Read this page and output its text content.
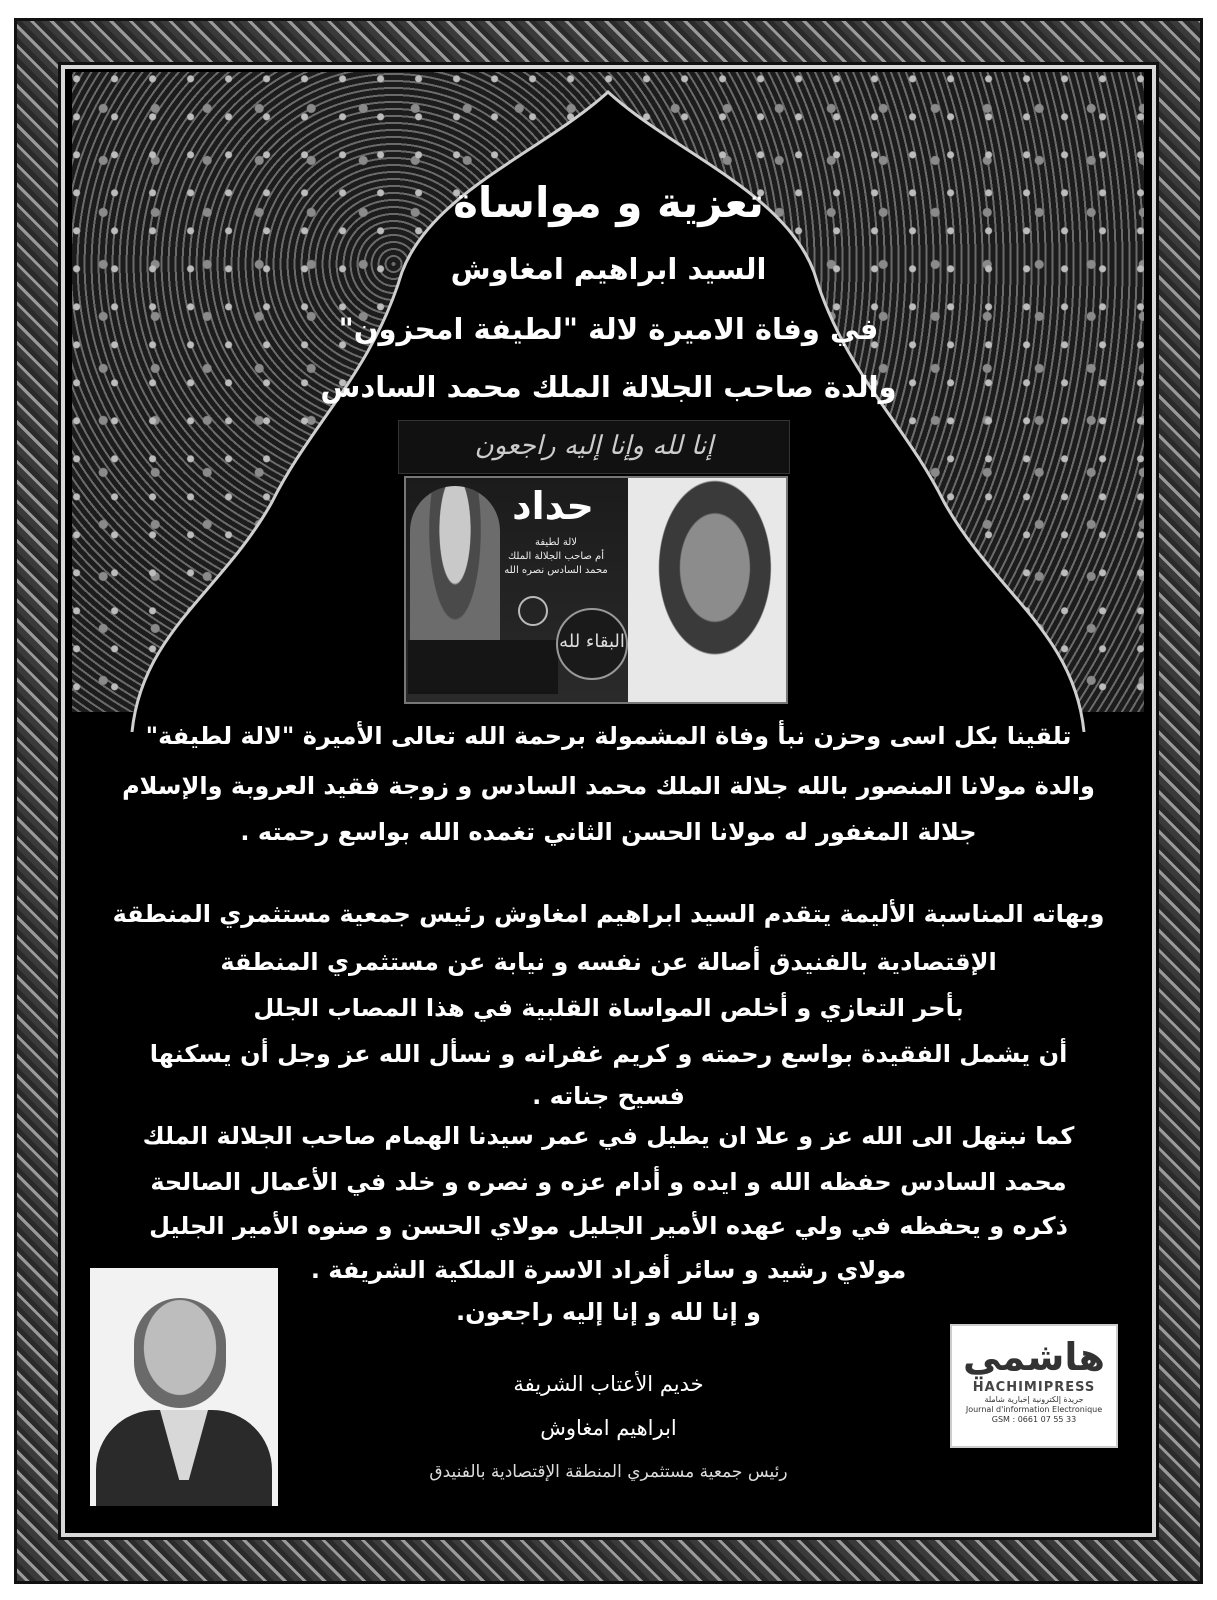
تعزية و مواساة

السيد ابراهيم امغاوش

في وفاة الاميرة لالة "لطيفة امحزون"

والدة صاحب الجلالة الملك محمد السادس

إنا لله وإنا إليه راجعون
حداد
لالة لطيفة
أم صاحب الجلالة الملك
محمد السادس نصره الله
البقاء لله

تلقينا بكل اسى وحزن نبأ وفاة المشمولة برحمة الله تعالى الأميرة "لالة لطيفة"

والدة مولانا المنصور بالله جلالة الملك محمد السادس و زوجة فقيد العروبة والإسلام

جلالة المغفور له مولانا الحسن الثاني تغمده الله بواسع رحمته .

وبهاته المناسبة الأليمة يتقدم السيد ابراهيم امغاوش رئيس جمعية مستثمري المنطقة

الإقتصادية بالفنيدق أصالة عن نفسه و نيابة عن مستثمري المنطقة

بأحر التعازي و أخلص المواساة القلبية في هذا المصاب الجلل

أن يشمل الفقيدة بواسع رحمته و كريم غفرانه و نسأل الله عز وجل أن يسكنها

فسيح جناته .

كما نبتهل الى الله عز و علا ان يطيل في عمر سيدنا الهمام صاحب الجلالة الملك

محمد السادس حفظه الله و ايده و أدام عزه و نصره و خلد في الأعمال الصالحة

ذكره و يحفظه في ولي عهده الأمير الجليل مولاي الحسن و صنوه الأمير الجليل

مولاي رشيد و سائر أفراد الاسرة الملكية الشريفة .

و إنا لله و إنا إليه راجعون.

خديم الأعتاب الشريفة

ابراهيم امغاوش

رئيس جمعية مستثمري المنطقة الإقتصادية بالفنيدق

هاشمي
HACHIMIPRESS
جريدة إلكترونية إخبارية شاملة
Journal d'information Electronique
GSM : 0661 07 55 33
